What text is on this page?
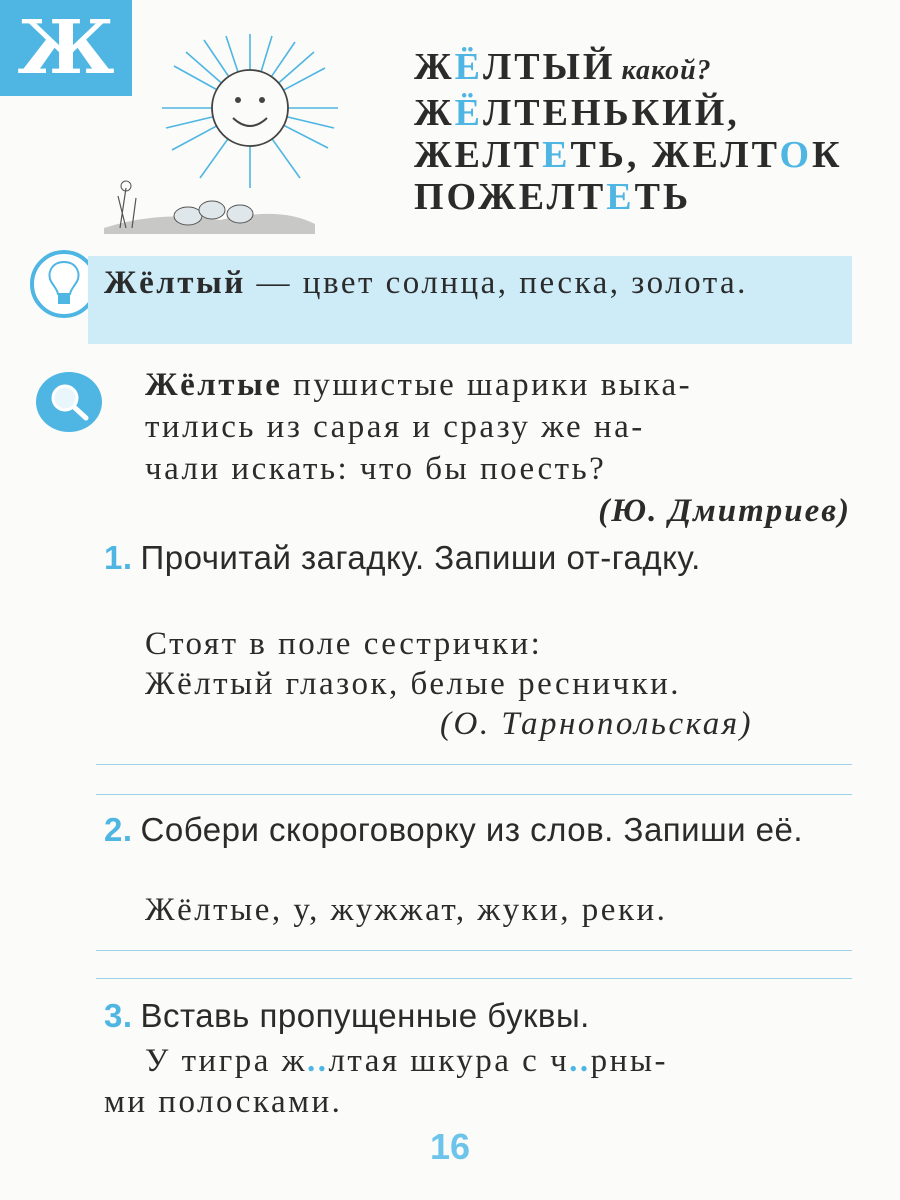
Ж	ЖЁЛТЫЙ какой?
ЖЁЛТЕНЬКИЙ,
ЖЕЛТЕТЬ, ЖЕЛТОК
ПОЖЕЛТЕТЬ
Жёлтый — цвет солнца, песка, золота.
Жёлтые пушистые шарики выка-
тились из сарая и сразу же на-
чали искать: что бы поесть?
(Ю. Дмитриев)
1. Прочитай загадку. Запиши от-гадку.
Стоят в поле сестрички:
Жёлтый глазок, белые реснички.
(О. Тарнопольская)
2. Собери скороговорку из слов. Запиши её.
Жёлтые, у, жужжат, жуки, реки.
3. Вставь пропущенные буквы.
У тигра ж..лтая шкура с ч..рны-
ми полосками.
16
